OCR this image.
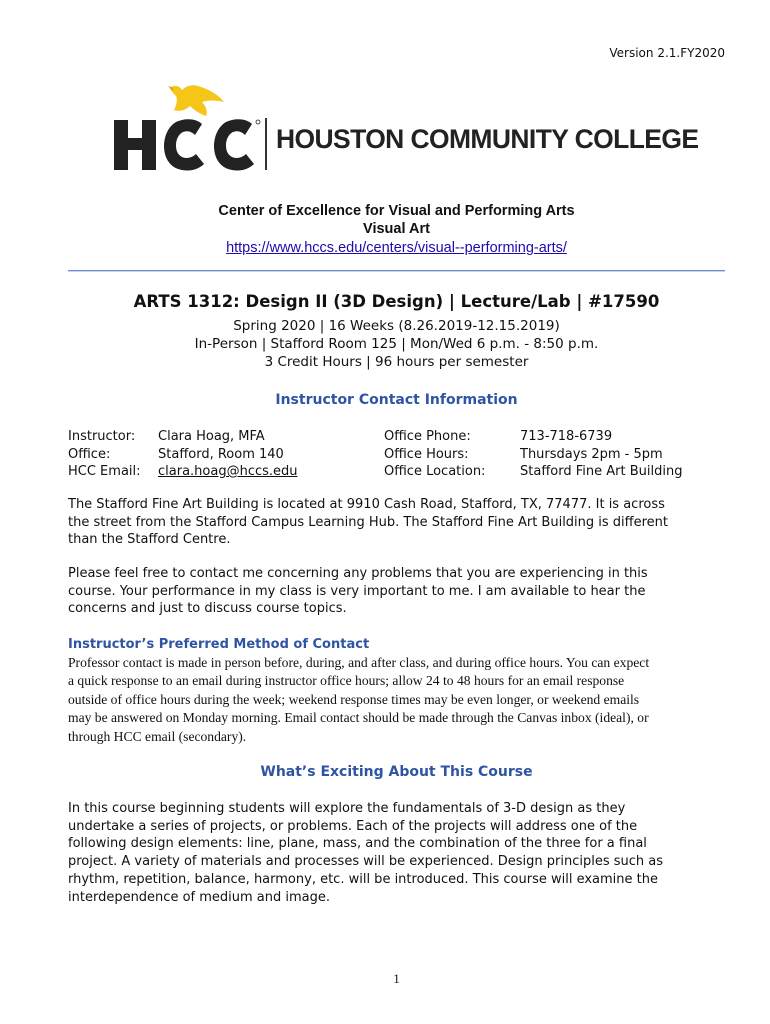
Version 2.1.FY2020
HOUSTON COMMUNITY COLLEGE
Center of Excellence for Visual and Performing Arts
Visual Art
https://www.hccs.edu/centers/visual--performing-arts/
ARTS 1312: Design II (3D Design) | Lecture/Lab | #17590
Spring 2020 | 16 Weeks (8.26.2019-12.15.2019)
In-Person | Stafford Room 125 | Mon/Wed 6 p.m. - 8:50 p.m.
3 Credit Hours | 96 hours per semester
Instructor Contact Information
Instructor:
Office:
HCC Email:
Clara Hoag, MFA
Stafford, Room 140
clara.hoag@hccs.edu
Office Phone:
Office Hours:
Office Location:
713-718-6739
Thursdays 2pm - 5pm
Stafford Fine Art Building
The Stafford Fine Art Building is located at 9910 Cash Road, Stafford, TX, 77477. It is across
the street from the Stafford Campus Learning Hub. The Stafford Fine Art Building is different
than the Stafford Centre.
Please feel free to contact me concerning any problems that you are experiencing in this
course. Your performance in my class is very important to me. I am available to hear the
concerns and just to discuss course topics.
Instructor’s Preferred Method of Contact
Professor contact is made in person before, during, and after class, and during office hours. You can expect
a quick response to an email during instructor office hours; allow 24 to 48 hours for an email response
outside of office hours during the week; weekend response times may be even longer, or weekend emails
may be answered on Monday morning. Email contact should be made through the Canvas inbox (ideal), or
through HCC email (secondary).
What’s Exciting About This Course
In this course beginning students will explore the fundamentals of 3-D design as they
undertake a series of projects, or problems. Each of the projects will address one of the
following design elements: line, plane, mass, and the combination of the three for a final
project. A variety of materials and processes will be experienced. Design principles such as
rhythm, repetition, balance, harmony, etc. will be introduced. This course will examine the
interdependence of medium and image.
1
